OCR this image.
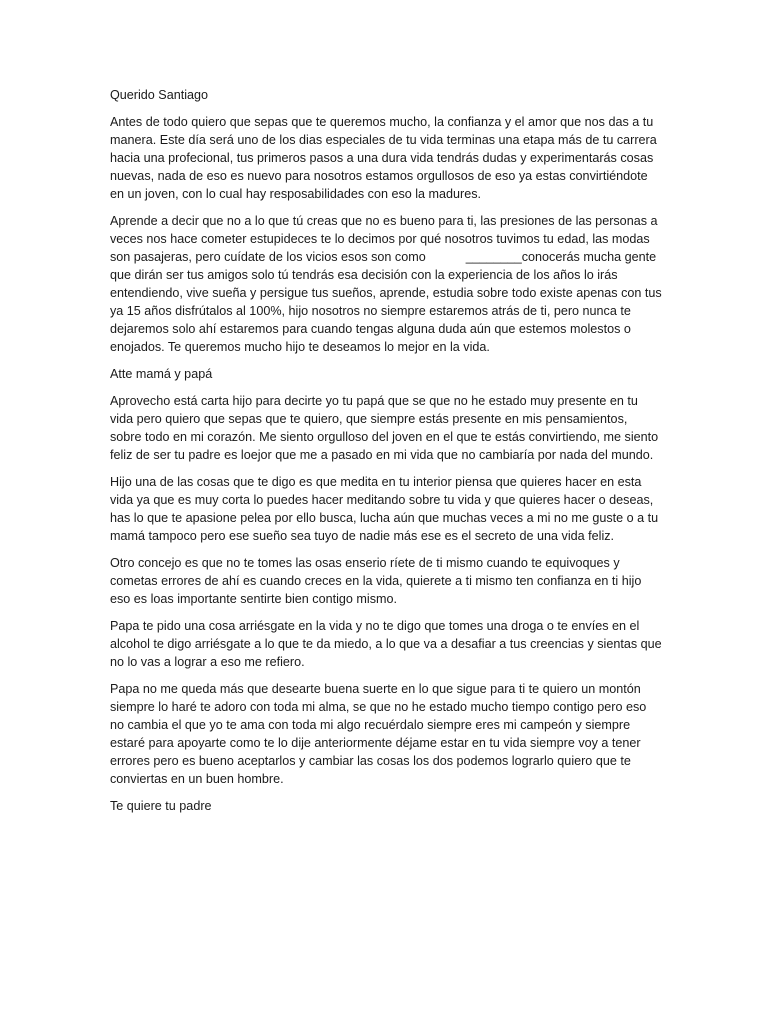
Querido Santiago

Antes de todo quiero que sepas que te queremos mucho, la confianza y el amor que nos das a tu manera. Este día será uno de los dias especiales de tu vida terminas una etapa más de tu carrera hacia una profecional, tus primeros pasos a una dura vida tendrás dudas y experimentarás cosas nuevas, nada de eso es nuevo para nosotros estamos orgullosos de eso ya estas convirtiéndote en un joven, con lo cual hay resposabilidades con eso la madures.

Aprende a decir que no a lo que tú creas que no es bueno para ti, las presiones de las personas a veces nos hace cometer estupideces te lo decimos por qué nosotros tuvimos tu edad, las modas son pasajeras, pero cuídate de los vicios esos son como	________conocerás mucha gente que dirán ser tus amigos solo tú tendrás esa decisión con la experiencia de los años lo irás entendiendo, vive sueña y persigue tus sueños, aprende, estudia sobre todo existe apenas con tus ya 15 años disfrútalos al 100%, hijo nosotros no siempre estaremos atrás de ti, pero nunca te dejaremos solo ahí estaremos para cuando tengas alguna duda aún que estemos molestos o enojados. Te queremos mucho hijo te deseamos lo mejor en la vida.

Atte mamá y papá

Aprovecho está carta hijo para decirte yo tu papá que se que no he estado muy presente en tu vida pero quiero que sepas que te quiero, que siempre estás presente en mis pensamientos, sobre todo en mi corazón. Me siento orgulloso del joven en el que te estás convirtiendo, me siento feliz de ser tu padre es loejor que me a pasado en mi vida que no cambiaría por nada del mundo.

Hijo una de las cosas que te digo es que medita en tu interior piensa que quieres hacer en esta vida ya que es muy corta lo puedes hacer meditando sobre tu vida y que quieres hacer o deseas, has lo que te apasione pelea por ello busca, lucha aún que muchas veces a mi no me guste o a tu mamá tampoco pero ese sueño sea tuyo de nadie más ese es el secreto de una vida feliz.

Otro concejo es que no te tomes las osas enserio ríete de ti mismo cuando te equivoques y cometas errores de ahí es cuando creces en la vida, quierete a ti mismo ten confianza en ti hijo eso es loas importante sentirte bien contigo mismo.

Papa te pido una cosa arriésgate en la vida y no te digo que tomes una droga o te envíes en el alcohol te digo arriésgate a lo que te da miedo, a lo que va a desafiar a tus creencias y sientas que no lo vas a lograr a eso me refiero.

Papa no me queda más que desearte buena suerte en lo que sigue para ti te quiero un montón siempre lo haré te adoro con toda mi alma, se que no he estado mucho tiempo contigo pero eso no cambia el que yo te ama con toda mi algo recuérdalo siempre eres mi campeón y siempre estaré para apoyarte como te lo dije anteriormente déjame estar en tu vida siempre voy a tener errores pero es bueno aceptarlos y cambiar las cosas los dos podemos lograrlo quiero que te conviertas en un buen hombre.

Te quiere tu padre
